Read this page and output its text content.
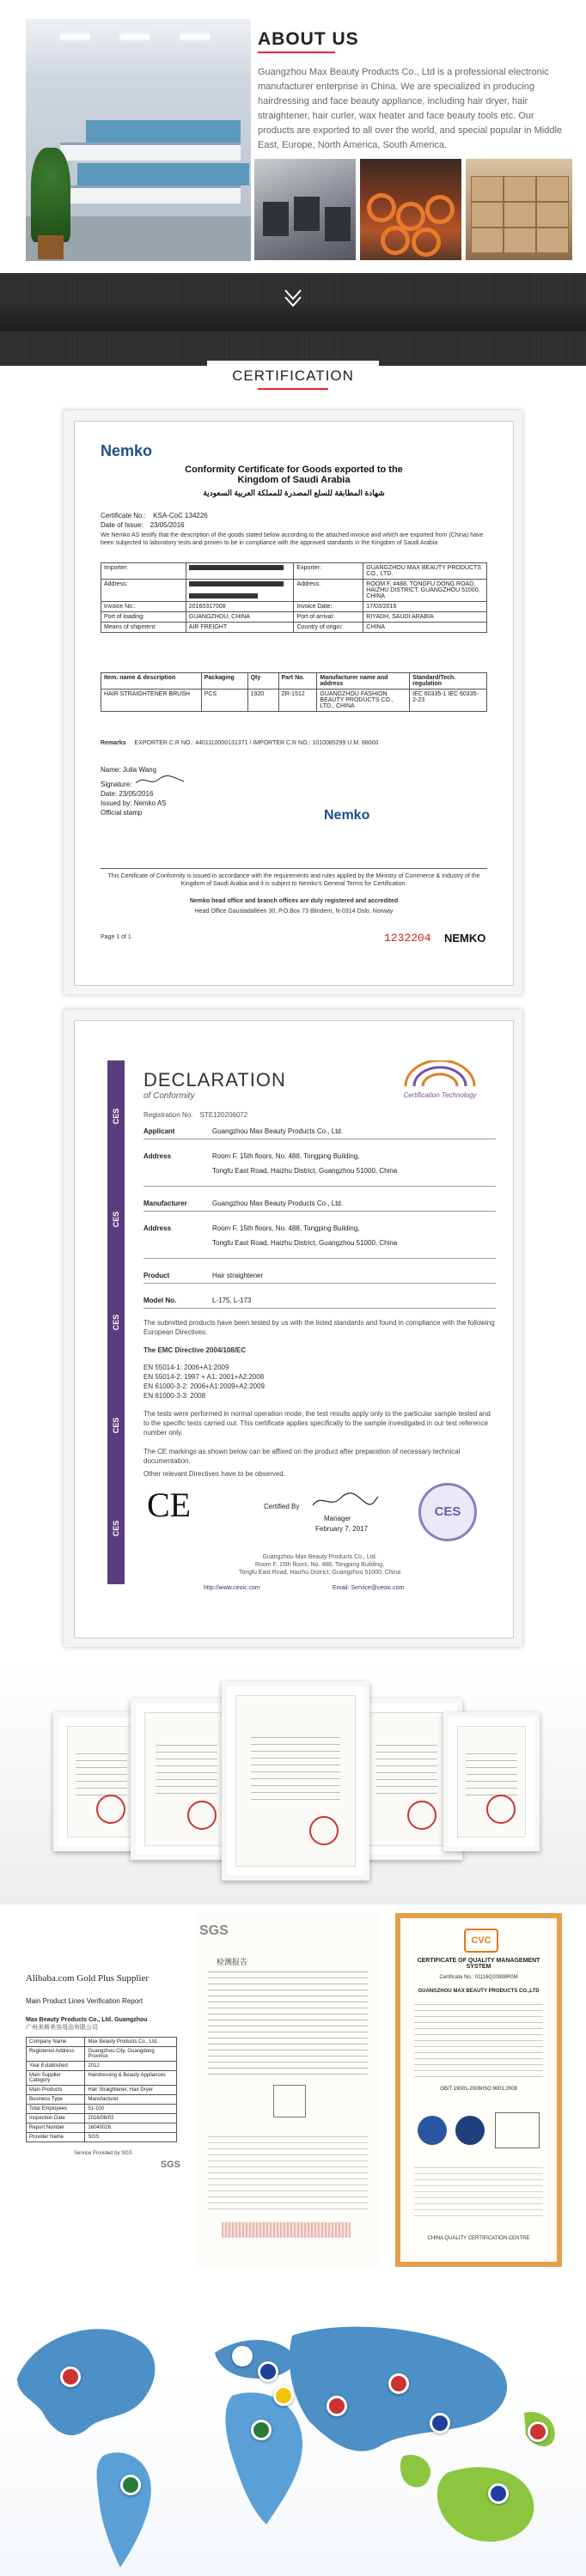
ABOUT US
Guangzhou Max Beauty Products Co., Ltd is a professional electronic manufacturer enterprise in China. We are specialized in producing hairdressing and face beauty appliance, including hair dryer, hair straightener, hair curler, wax heater and face beauty tools etc. Our products are exported to all over the world, and special popular in Middle East, Europe, North America, South America.
CERTIFICATION
Nemko
Conformity Certificate for Goods exported to the Kingdom of Saudi Arabia
شهادة المطابقة للسلع المصدرة للمملكة العربية السعودية
Certificate No.: KSA-CoC 134226
Date of Issue: 23/05/2016
We Nemko AS testify that the description of the goods stated below according to the attached invoice and which are exported from (China) have been subjected to laboratory tests and proven to be in compliance with the approved standards in the Kingdom of Saudi Arabia
Importer:		Exporter:	GUANGZHOU MAX BEAUTY PRODUCTS CO., LTD.
Address:		Address:	ROOM F, #488, TONGFU DONG ROAD, HAIZHU DISTRICT, GUANGZHOU 51000, CHINA
Invoice No.:	20160317008	Invoice Date:	17/03/2016
Port of loading:	GUANGZHOU, CHINA	Port of arrival:	RIYADH, SAUDI ARABIA
Means of shipment:	AIR FREIGHT	Country of origin:	CHINA
Item. name & description	Packaging	Qty	Part No.	Manufacturer name and address	Standard/Tech. regulation
HAIR STRAIGHTENER BRUSH	PCS	1920	ZR-1512	GUANGZHOU FASHION BEAUTY PRODUCTS CO., LTD., CHINA	IEC 60335-1 IEC 60335-2-23
Remarks EXPORTER C.R NO.: 4401110000131371 / IMPORTER C.R NO.: 1010085299 U.M. 88000
Name: Julia Wang
Signature:
Date: 23/05/2016
Issued by: Nemko AS
Official stamp	Nemko
This Certificate of Conformity is issued in accordance with the requirements and rules applied by the Ministry of Commerce & Industry of the Kingdom of Saudi Arabia and it is subject to Nemko's General Terms for Certification.
Nemko head office and branch offices are duly registered and accredited
Head Office Gaustadalléen 30, P.O.Box 73 Blindern, N-0314 Oslo, Norway
Page 1 of 1	1232204 NEMKO
CES
CES
CES
CES
CES
DECLARATION
of Conformity	Certification Technology
Registration No. STE120206072
Applicant	Guangzhou Max Beauty Products Co., Ltd.
Address	Room F, 15th floors, No. 488, Tongping Building,
Tongfu East Road, Haizhu District, Guangzhou 51000, China
Manufacturer	Guangzhou Max Beauty Products Co., Ltd.
Address	Room F, 15th floors, No. 488, Tongping Building,
Tongfu East Road, Haizhu District, Guangzhou 51000, China
Product	Hair straightener
Model No.	L-175, L-173
The submitted products have been tested by us with the listed standards and found in compliance with the following European Directives:
The EMC Directive 2004/108/EC
EN 55014-1: 2006+A1:2009
EN 55014-2: 1997 + A1: 2001+A2:2008
EN 61000-3-2: 2006+A1:2009+A2:2009
EN 61000-3-3: 2008
The tests were performed in normal operation mode, the test results apply only to the particular sample tested and to the specific tests carried out. This certificate applies specifically to the sample investigated in our test reference number only.
The CE markings as shown below can be affixed on the product after preparation of necessary technical documentation.
Other relevant Directives have to be observed.
CE	Certified By
Manager
February 7, 2017
CES
Guangzhou Max Beauty Products Co., Ltd.
Room F, 15th floors, No. 488, Tongping Building,
Tongfu East Road, Haizhu District, Guangzhou 51000, China
http://www.ceoic.com	Email: Service@ceoic.com
Alibaba.com Gold Plus Supplier
Main Product Lines Verification Report
Max Beauty Products Co., Ltd. Guangzhou
广州美斯美容用品有限公司
Company Name	Max Beauty Products Co., Ltd.
Registered Address	Guangzhou City, Guangdong Province
Year Established	2012
Main Supplier Category	Hairdressing & Beauty Appliances
Main Products	Hair Straightener, Hair Dryer
Business Type	Manufacturer
Total Employees	51-100
Inspection Date	2016/06/02
Report Number	16040026
Provider Name	SGS
Service Provided by SGS
SGS
SGS
检测报告
CVC
CERTIFICATE OF QUALITY MANAGEMENT SYSTEM
Certificate No.: 01116Q20998R0M
GUANGZHOU MAX BEAUTY PRODUCTS CO.,LTD
GB/T 19001-2008/ISO 9001:2008
CHINA QUALITY CERTIFICATION CENTRE
